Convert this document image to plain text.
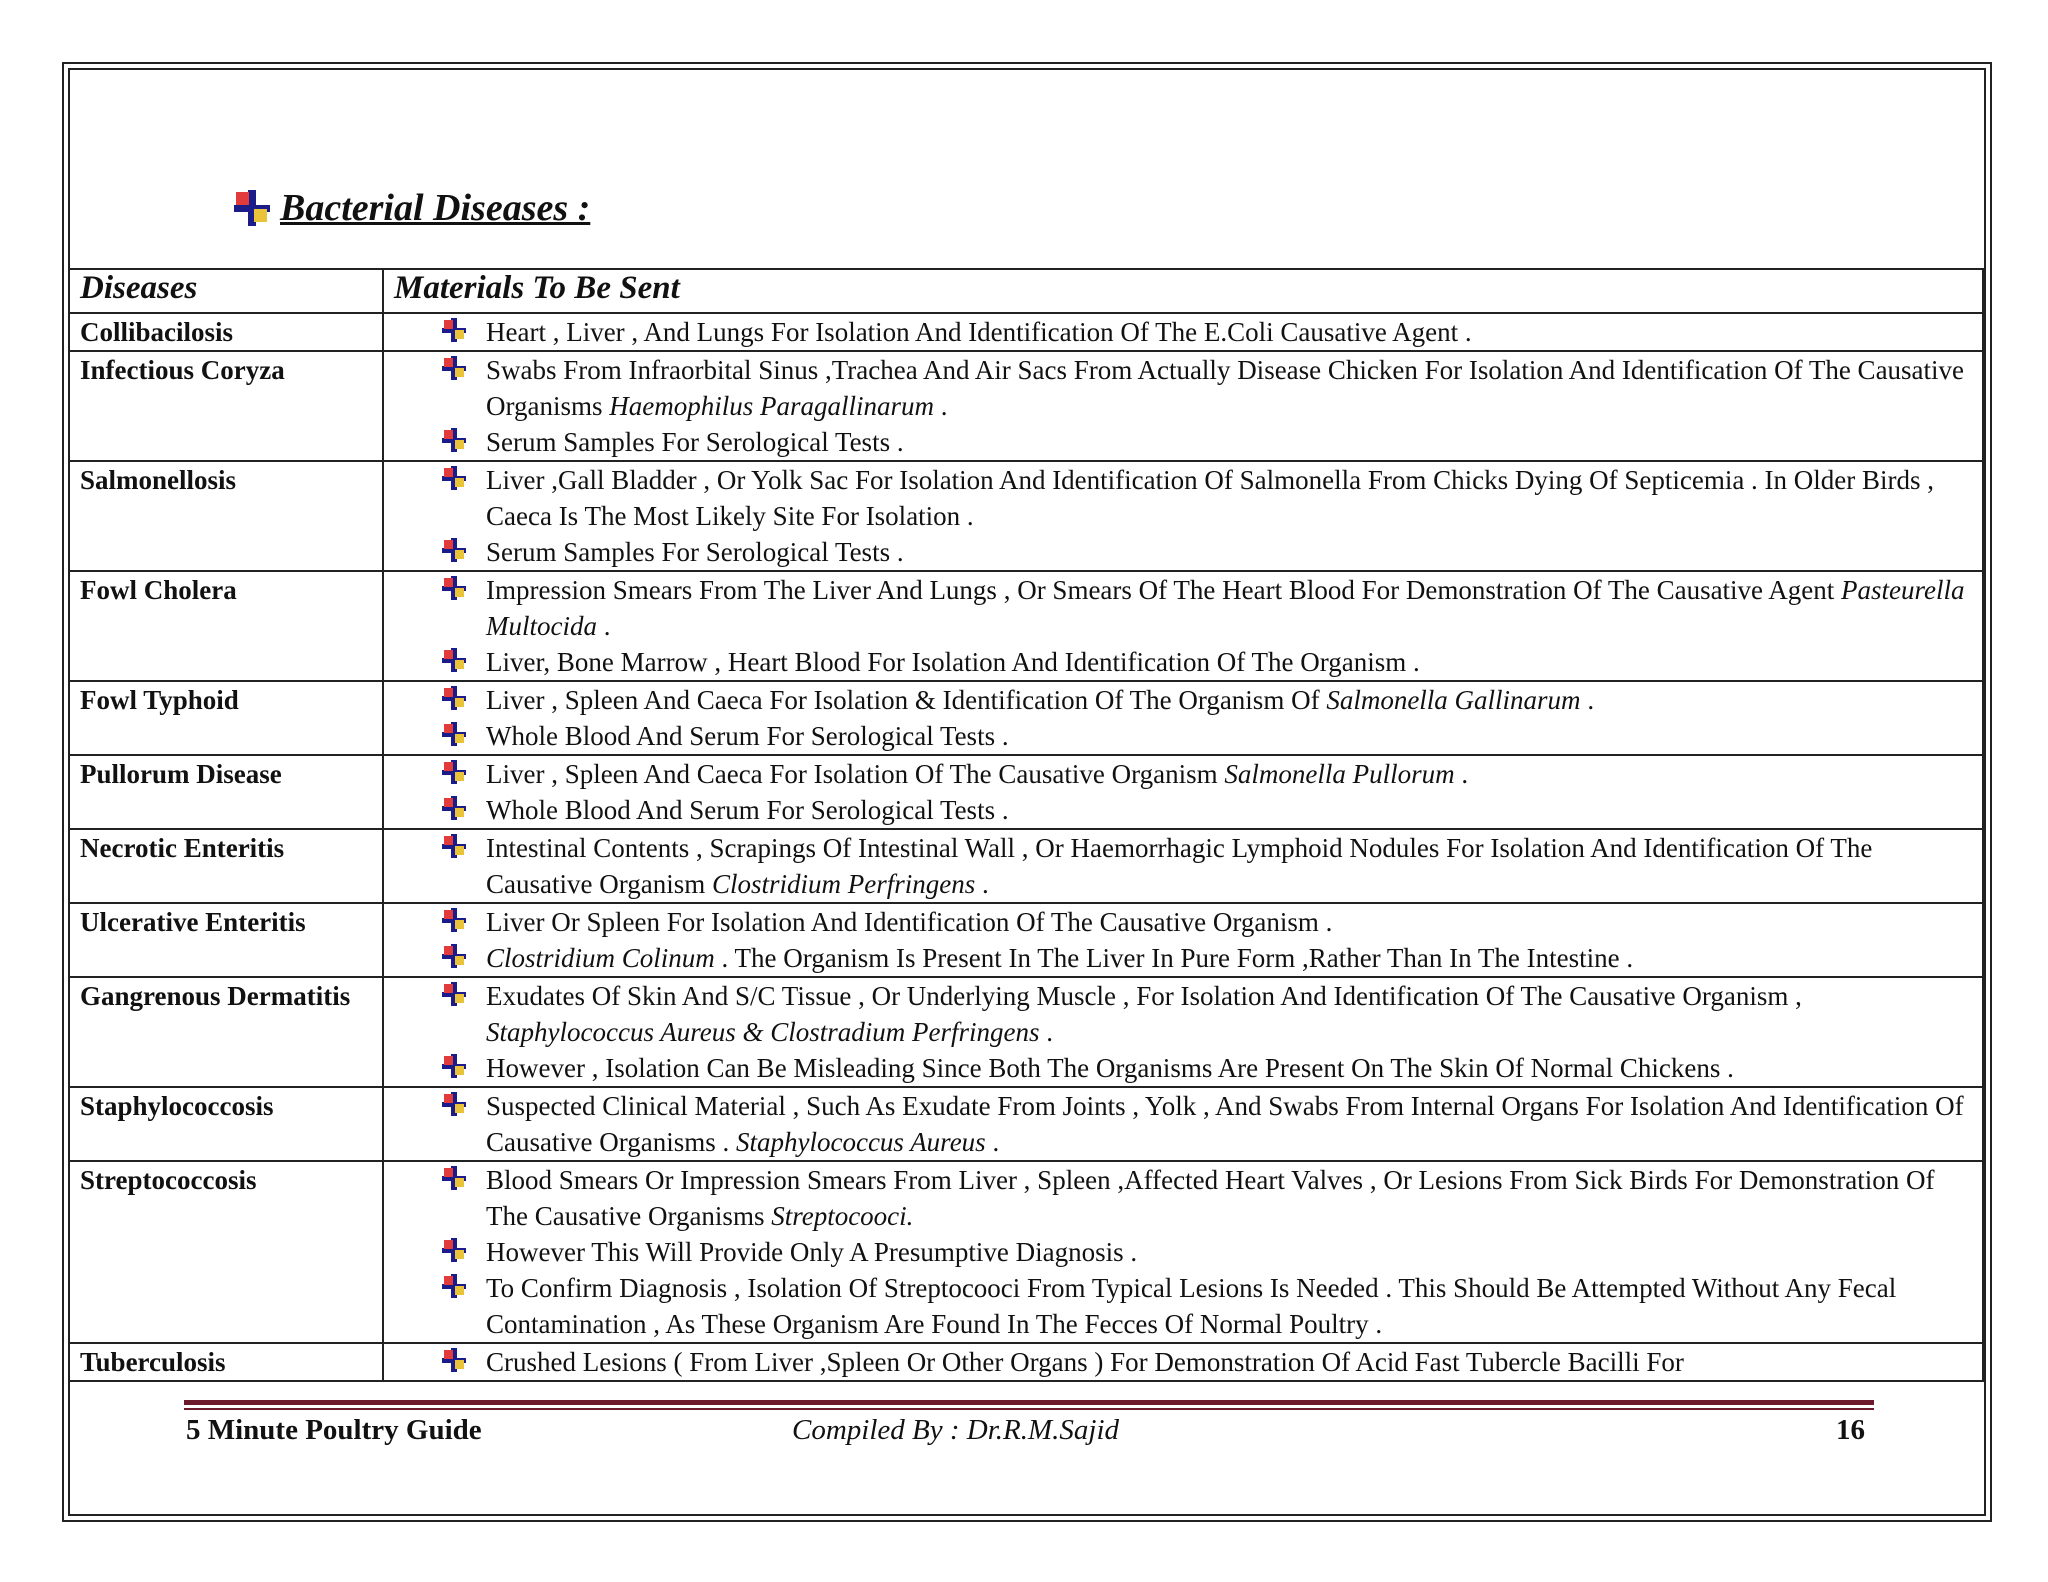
Bacterial Diseases :
Diseases	Materials To Be Sent
Collibacilosis	Heart , Liver , And Lungs For Isolation And Identification Of The E.Coli Causative Agent .

Infectious Coryza	Swabs From Infraorbital Sinus ,Trachea And Air Sacs From Actually Disease Chicken For Isolation And Identification Of The Causative Organisms Haemophilus Paragallinarum .
Serum Samples For Serological Tests .

Salmonellosis	Liver ,Gall Bladder , Or Yolk Sac For Isolation And Identification Of Salmonella From Chicks Dying Of Septicemia . In Older Birds , Caeca Is The Most Likely Site For Isolation .
Serum Samples For Serological Tests .

Fowl Cholera	Impression Smears From The Liver And Lungs , Or Smears Of The Heart Blood For Demonstration Of The Causative Agent Pasteurella Multocida .
Liver, Bone Marrow , Heart Blood For Isolation And Identification Of The Organism .

Fowl Typhoid	Liver , Spleen And Caeca For Isolation & Identification Of The Organism Of Salmonella Gallinarum .
Whole Blood And Serum For Serological Tests .

Pullorum Disease	Liver , Spleen And Caeca For Isolation Of The Causative Organism Salmonella Pullorum .
Whole Blood And Serum For Serological Tests .

Necrotic Enteritis	Intestinal Contents , Scrapings Of Intestinal Wall , Or Haemorrhagic Lymphoid Nodules For Isolation And Identification Of The Causative Organism Clostridium Perfringens .

Ulcerative Enteritis	Liver Or Spleen For Isolation And Identification Of The Causative Organism .
Clostridium Colinum . The Organism Is Present In The Liver In Pure Form ,Rather Than In The Intestine .

Gangrenous Dermatitis	Exudates Of Skin And S/C Tissue , Or Underlying Muscle , For Isolation And Identification Of The Causative Organism , Staphylococcus Aureus & Clostradium Perfringens .
However , Isolation Can Be Misleading Since Both The Organisms Are Present On The Skin Of Normal Chickens .

Staphylococcosis	Suspected Clinical Material , Such As Exudate From Joints , Yolk , And Swabs From Internal Organs For Isolation And Identification Of Causative Organisms . Staphylococcus Aureus .

Streptococcosis	Blood Smears Or Impression Smears From Liver , Spleen ,Affected Heart Valves , Or Lesions From Sick Birds For Demonstration Of The Causative Organisms Streptocooci.
However This Will Provide Only A Presumptive Diagnosis .
To Confirm Diagnosis , Isolation Of Streptocooci From Typical Lesions Is Needed . This Should Be Attempted Without Any Fecal Contamination , As These Organism Are Found In The Fecces Of Normal Poultry .

Tuberculosis	Crushed Lesions ( From Liver ,Spleen Or Other Organs ) For Demonstration Of Acid Fast Tubercle Bacilli For
5 Minute Poultry Guide	Compiled By : Dr.R.M.Sajid	16
